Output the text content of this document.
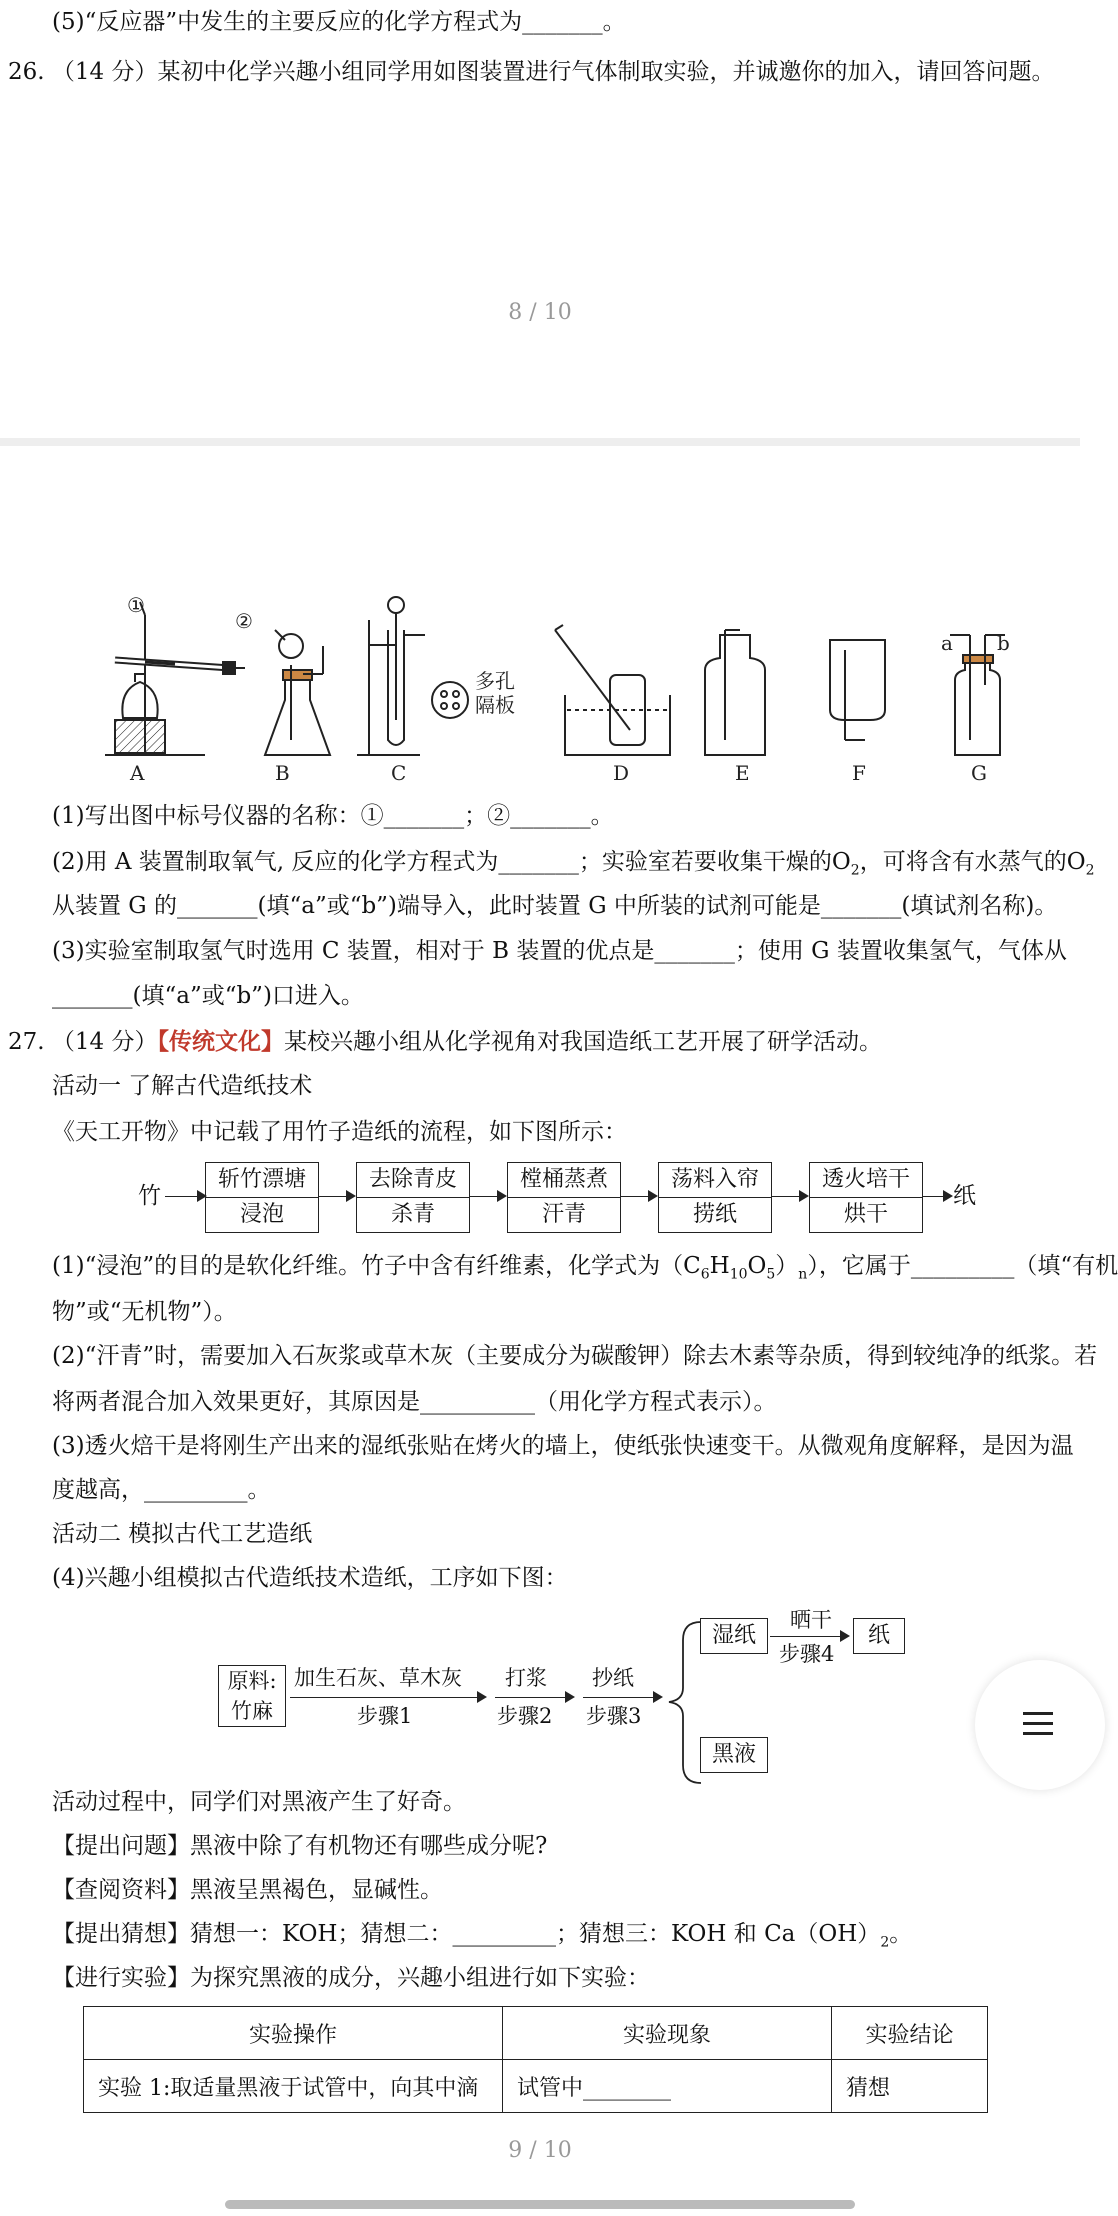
(5)“反应器”中发生的主要反应的化学方程式为_______。
26. （14 分）某初中化学兴趣小组同学用如图装置进行气体制取实验，并诚邀你的加入，请回答问题。
8 / 10
A	B	C	D	E	F	G
①
②
多孔
隔板
a b
(1)写出图中标号仪器的名称：①_______；②_______。
(2)用 A 装置制取氧气, 反应的化学方程式为_______；实验室若要收集干燥的$O_2$，可将含有水蒸气的$O_2$
从装置 G 的_______(填“a”或“b”)端导入，此时装置 G 中所装的试剂可能是_______(填试剂名称)。
(3)实验室制取氢气时选用 C 装置，相对于 B 装置的优点是_______；使用 G 装置收集氢气，气体从
_______(填“a”或“b”)口进入。
27. （14 分）【传统文化】某校兴趣小组从化学视角对我国造纸工艺开展了研学活动。
活动一 了解古代造纸技术
《天工开物》中记载了用竹子造纸的流程，如下图所示：
竹
斩竹漂塘
浸泡
去除青皮
杀青
樘桶蒸煮
汗青
荡料入帘
捞纸
透火培干
烘干
纸
(1)“浸泡”的目的是软化纤维。竹子中含有纤维素，化学式为$(C_6H_{10}O_5)_n$），它属于_________（填“有机
物”或“无机物”）。
(2)“汗青”时，需要加入石灰浆或草木灰（主要成分为碳酸钾）除去木素等杂质，得到较纯净的纸浆。若
将两者混合加入效果更好，其原因是__________（用化学方程式表示）。
(3)透火焙干是将刚生产出来的湿纸张贴在烤火的墙上，使纸张快速变干。从微观角度解释，是因为温
度越高，_________。
活动二 模拟古代工艺造纸
(4)兴趣小组模拟古代造纸技术造纸，工序如下图：
原料:
竹麻
加生石灰、草木灰
步骤1
打浆
步骤2
抄纸
步骤3
湿纸
晒干
步骤4
纸
黑液
活动过程中，同学们对黑液产生了好奇。
【提出问题】黑液中除了有机物还有哪些成分呢?
【查阅资料】黑液呈黑褐色，显碱性。
【提出猜想】猜想一：KOH；猜想二：_________；猜想三：KOH 和 $Ca(OH)_2$。
【进行实验】为探究黑液的成分，兴趣小组进行如下实验：
实验操作	实验现象	实验结论
实验 1:取适量黑液于试管中，向其中滴	试管中________	猜想
9 / 10
